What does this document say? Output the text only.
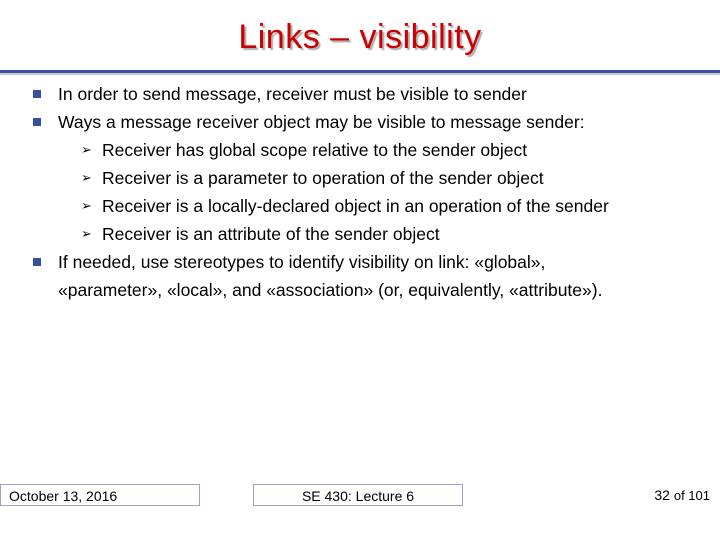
Links – visibility
In order to send message, receiver must be visible to sender
Ways a message receiver object may be visible to message sender:
➢ Receiver has global scope relative to the sender object
➢ Receiver is a parameter to operation of the sender object
➢ Receiver is a locally-declared object in an operation of the sender
➢ Receiver is an attribute of the sender object
If needed, use stereotypes to identify visibility on link: «global»,
«parameter», «local», and «association» (or, equivalently, «attribute»).
October 13, 2016	SE 430: Lecture 6	32 of 101
